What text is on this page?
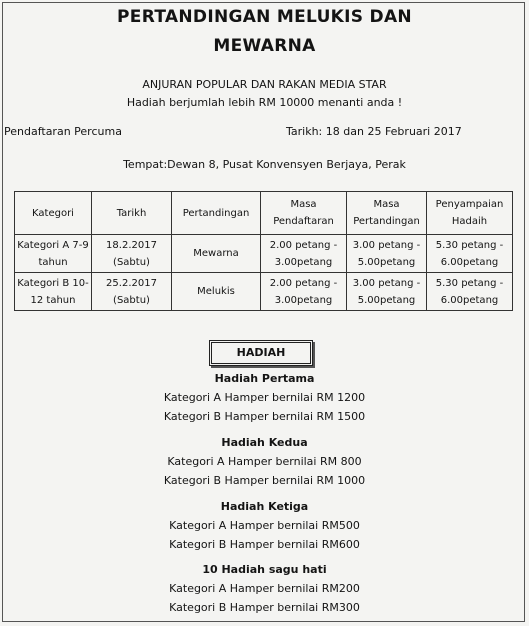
PERTANDINGAN MELUKIS DAN
MEWARNA
ANJURAN POPULAR DAN RAKAN MEDIA STAR
Hadiah berjumlah lebih RM 10000 menanti anda !
Pendaftaran Percuma	Tarikh: 18 dan 25 Februari 2017
Tempat:Dewan 8, Pusat Konvensyen Berjaya, Perak
Kategori	Tarikh	Pertandingan	Masa Pendaftaran	Masa Pertandingan	Penyampaian Hadaih
Kategori A 7-9 tahun	18.2.2017 (Sabtu)	Mewarna	2.00 petang - 3.00petang	3.00 petang - 5.00petang	5.30 petang - 6.00petang
Kategori B 10-12 tahun	25.2.2017 (Sabtu)	Melukis	2.00 petang - 3.00petang	3.00 petang - 5.00petang	5.30 petang - 6.00petang
HADIAH
Hadiah Pertama
Kategori A Hamper bernilai RM 1200
Kategori B Hamper bernilai RM 1500
Hadiah Kedua
Kategori A Hamper bernilai RM 800
Kategori B Hamper bernilai RM 1000
Hadiah Ketiga
Kategori A Hamper bernilai RM500
Kategori B Hamper bernilai RM600
10 Hadiah sagu hati
Kategori A Hamper bernilai RM200
Kategori B Hamper bernilai RM300
